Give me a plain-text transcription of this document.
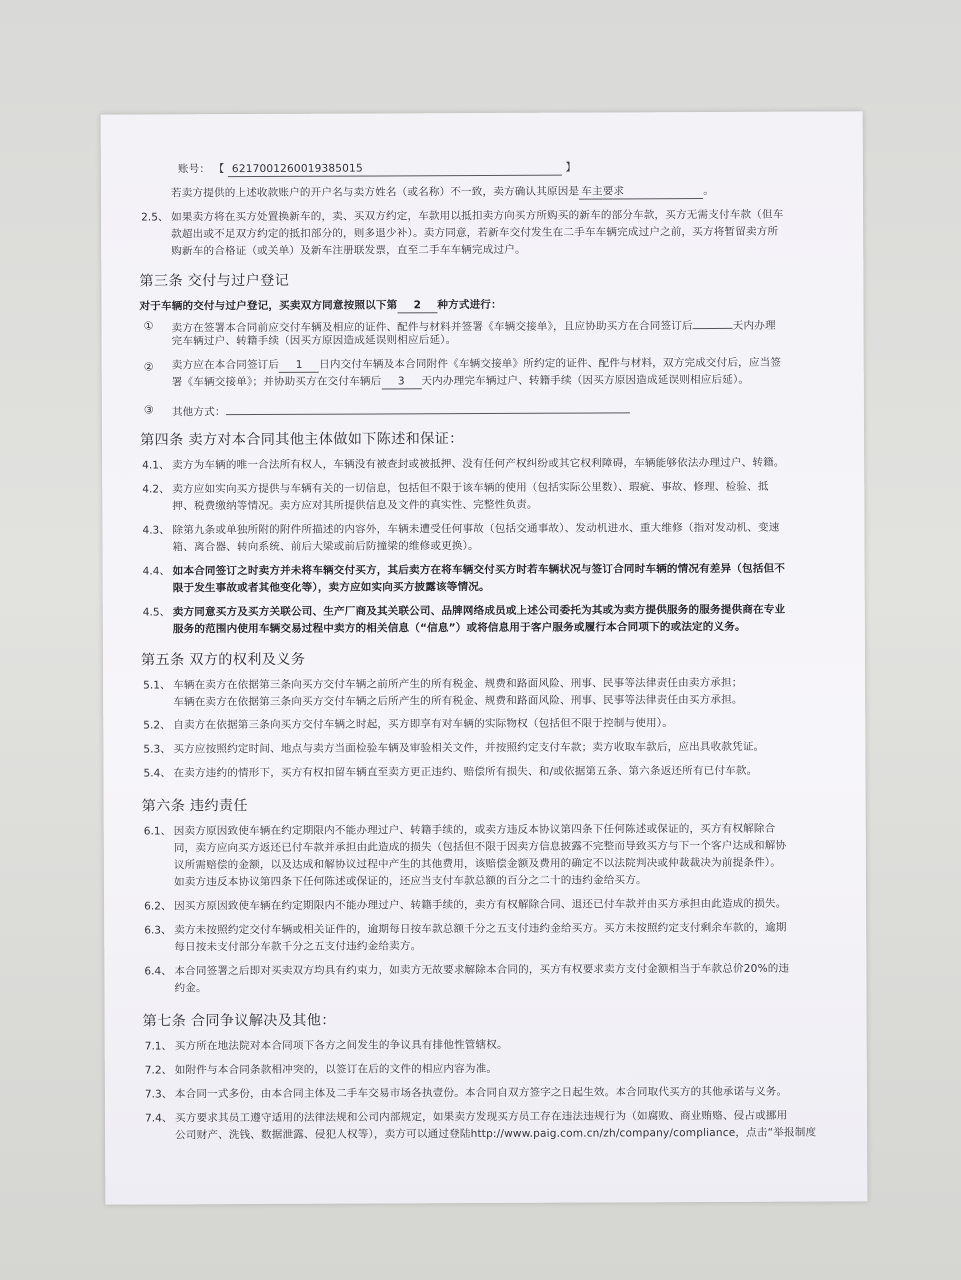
账号： 【 6217001260019385015	】
若卖方提供的上述收款账户的开户名与卖方姓名（或名称）不一致，卖方确认其原因是 车主要求	。
2.5、 如果卖方将在买方处置换新车的，卖、买双方约定，车款用以抵扣卖方向买方所购买的新车的部分车款，买方无需支付车款（但车
款超出或不足双方约定的抵扣部分的，则多退少补）。卖方同意，若新车交付发生在二手车车辆完成过户之前，买方将暂留卖方所
购新车的合格证（或关单）及新车注册联发票，直至二手车车辆完成过户。
第三条 交付与过户登记
对于车辆的交付与过户登记，买卖双方同意按照以下第 2 种方式进行：
① 卖方在签署本合同前应交付车辆及相应的证件、配件与材料并签署《车辆交接单》，且应协助买方在合同签订后	天内办理
完车辆过户、转籍手续（因买方原因造成延误则相应后延）。
② 卖方应在本合同签订后 1 日内交付车辆及本合同附件《车辆交接单》所约定的证件、配件与材料，双方完成交付后，应当签
署《车辆交接单》；并协助买方在交付车辆后 3 天内办理完车辆过户、转籍手续（因买方原因造成延误则相应后延）。
③ 其他方式：
第四条 卖方对本合同其他主体做如下陈述和保证：
4.1、 卖方为车辆的唯一合法所有权人，车辆没有被查封或被抵押、没有任何产权纠纷或其它权利障碍，车辆能够依法办理过户、转籍。
4.2、 卖方应如实向买方提供与车辆有关的一切信息，包括但不限于该车辆的使用（包括实际公里数）、瑕疵、事故、修理、检验、抵
押、税费缴纳等情况。卖方应对其所提供信息及文件的真实性、完整性负责。
4.3、 除第九条或单独所附的附件所描述的内容外，车辆未遭受任何事故（包括交通事故）、发动机进水、重大维修（指对发动机、变速
箱、离合器、转向系统、前后大梁或前后防撞梁的维修或更换）。
4.4、 如本合同签订之时卖方并未将车辆交付买方，其后卖方在将车辆交付买方时若车辆状况与签订合同时车辆的情况有差异（包括但不
限于发生事故或者其他变化等），卖方应如实向买方披露该等情况。
4.5、 卖方同意买方及买方关联公司、生产厂商及其关联公司、品牌网络成员或上述公司委托为其或为卖方提供服务的服务提供商在专业
服务的范围内使用车辆交易过程中卖方的相关信息（“信息”）或将信息用于客户服务或履行本合同项下的或法定的义务。
第五条 双方的权利及义务
5.1、 车辆在卖方在依据第三条向买方交付车辆之前所产生的所有税金、规费和路面风险、刑事、民事等法律责任由卖方承担；
车辆在卖方在依据第三条向买方交付车辆之后所产生的所有税金、规费和路面风险、刑事、民事等法律责任由买方承担。
5.2、 自卖方在依据第三条向买方交付车辆之时起，买方即享有对车辆的实际物权（包括但不限于控制与使用）。
5.3、 买方应按照约定时间、地点与卖方当面检验车辆及审验相关文件，并按照约定支付车款；卖方收取车款后，应出具收款凭证。
5.4、 在卖方违约的情形下，买方有权扣留车辆直至卖方更正违约、赔偿所有损失、和/或依据第五条、第六条返还所有已付车款。
第六条 违约责任
6.1、 因卖方原因致使车辆在约定期限内不能办理过户、转籍手续的，或卖方违反本协议第四条下任何陈述或保证的，买方有权解除合
同，卖方应向买方返还已付车款并承担由此造成的损失（包括但不限于因卖方信息披露不完整而导致买方与下一个客户达成和解协
议所需赔偿的金额，以及达成和解协议过程中产生的其他费用，该赔偿金额及费用的确定不以法院判决或仲裁裁决为前提条件）。
如卖方违反本协议第四条下任何陈述或保证的，还应当支付车款总额的百分之二十的违约金给买方。
6.2、 因买方原因致使车辆在约定期限内不能办理过户、转籍手续的，卖方有权解除合同、退还已付车款并由买方承担由此造成的损失。
6.3、 卖方未按照约定交付车辆或相关证件的，逾期每日按车款总额千分之五支付违约金给买方。买方未按照约定支付剩余车款的，逾期
每日按未支付部分车款千分之五支付违约金给卖方。
6.4、 本合同签署之后即对买卖双方均具有约束力，如卖方无故要求解除本合同的，买方有权要求卖方支付金额相当于车款总价20%的违
约金。
第七条 合同争议解决及其他：
7.1、 买方所在地法院对本合同项下各方之间发生的争议具有排他性管辖权。
7.2、 如附件与本合同条款相冲突的，以签订在后的文件的相应内容为准。
7.3、 本合同一式多份，由本合同主体及二手车交易市场各执壹份。本合同自双方签字之日起生效。本合同取代买方的其他承诺与义务。
7.4、 买方要求其员工遵守适用的法律法规和公司内部规定，如果卖方发现买方员工存在违法违规行为（如腐败、商业贿赂、侵占或挪用
公司财产、洗钱、数据泄露、侵犯人权等），卖方可以通过登陆http://www.paig.com.cn/zh/company/compliance，点击“举报制度
